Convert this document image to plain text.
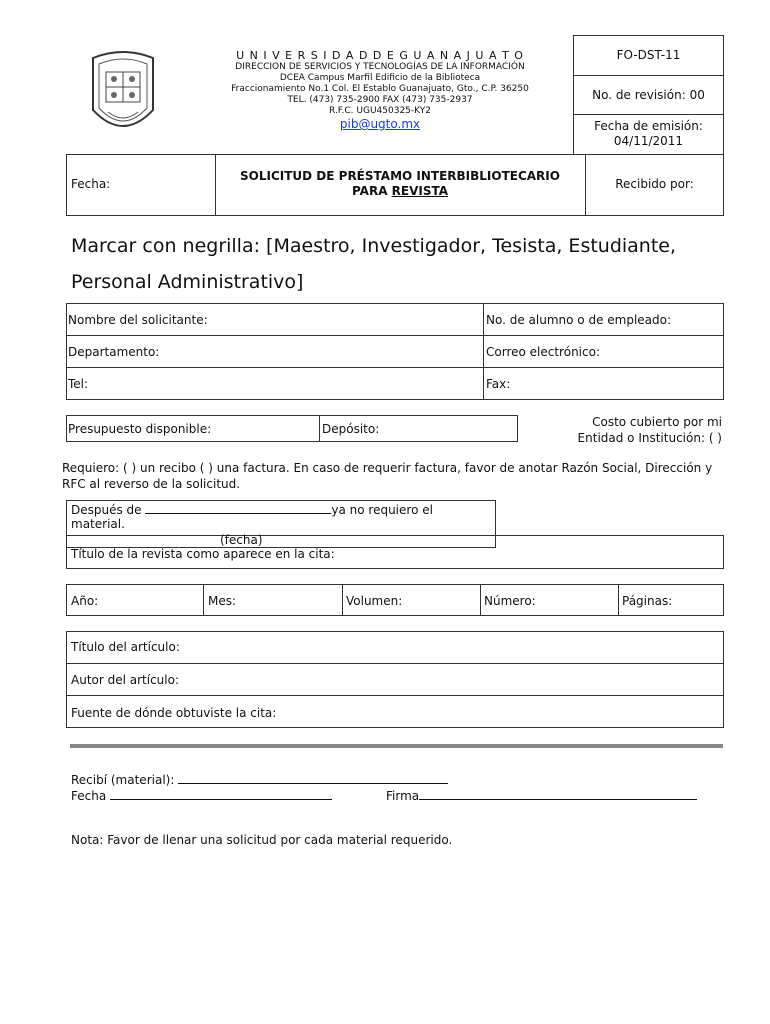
U N I V E R S I D A D D E G U A N A J U A T O
DIRECCION DE SERVICIOS Y TECNOLOGÍAS DE LA INFORMACIÓN
DCEA Campus Marfil Edificio de la Biblioteca
Fraccionamiento No.1 Col. El Establo Guanajuato, Gto., C.P. 36250
TEL. (473) 735-2900 FAX (473) 735-2937
R.F.C. UGU450325-KY2
pib@ugto.mx
FO-DST-11
No. de revisión: 00
Fecha de emisión:
04/11/2011
Fecha:
SOLICITUD DE PRÉSTAMO INTERBIBLIOTECARIO
PARA REVISTA	Recibido por:
Marcar con negrilla: [Maestro, Investigador, Tesista, Estudiante, Personal Administrativo]
Nombre del solicitante:	No. de alumno o de empleado:
Departamento:	Correo electrónico:
Tel:	Fax:
Presupuesto disponible:	Depósito:	Costo cubierto por mi
Entidad o Institución: ( )
Requiero: ( ) un recibo ( ) una factura. En caso de requerir factura, favor de anotar Razón Social, Dirección y RFC al reverso de la solicitud.
Título de la revista como aparece en la cita:
Después de	ya no requiero el
material.
(fecha)
Año:	Mes:	Volumen:	Número:	Páginas:
Título del artículo:
Autor del artículo:
Fuente de dónde obtuviste la cita:
Recibí (material):
Fecha	Firma
Nota: Favor de llenar una solicitud por cada material requerido.
